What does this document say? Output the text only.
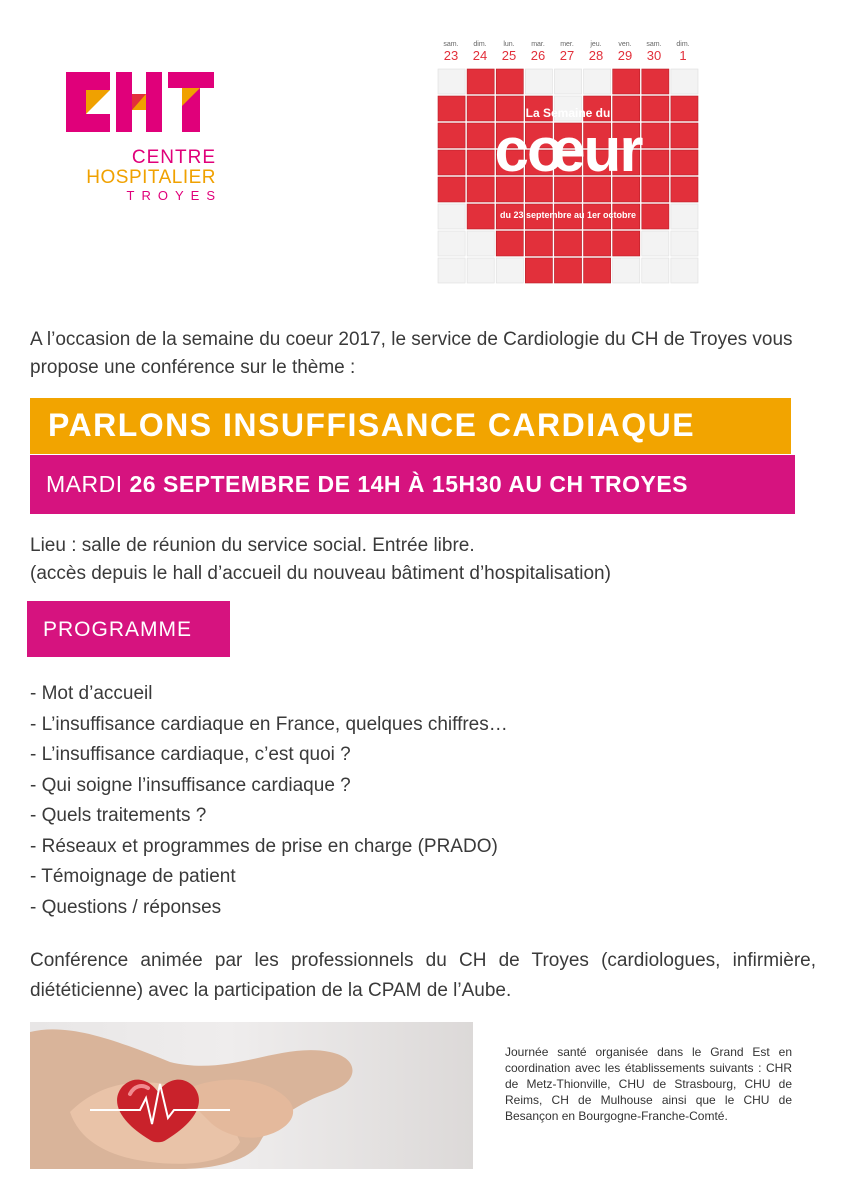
CENTRE
HOSPITALIER
TROYES
sam.
23
dim.
24
lun.
25
mar.
26
mer.
27
jeu.
28
ven.
29
sam.
30
dim.
1
La Semaine du
cœur
du 23 septembre au 1er octobre
A l’occasion de la semaine du coeur 2017, le service de Cardiologie du CH de Troyes vous propose une conférence sur le thème :
PARLONS INSUFFISANCE CARDIAQUE
MARDI 26 SEPTEMBRE DE 14H À 15H30 AU CH TROYES
Lieu : salle de réunion du service social. Entrée libre.
(accès depuis le hall d’accueil du nouveau bâtiment d’hospitalisation)
PROGRAMME
- Mot d’accueil
- L’insuffisance cardiaque en France, quelques chiffres…
- L’insuffisance cardiaque, c’est quoi ?
- Qui soigne l’insuffisance cardiaque ?
- Quels traitements ?
- Réseaux et programmes de prise en charge (PRADO)
- Témoignage de patient
- Questions / réponses
Conférence animée par les professionnels du CH de Troyes (cardiologues, infirmière, diététicienne) avec la participation de la CPAM de l’Aube.
Journée santé organisée dans le Grand Est en coordination avec les établissements suivants : CHR de Metz-Thionville, CHU de Strasbourg, CHU de Reims, CH de Mulhouse ainsi que le CHU de Besançon en Bourgogne-Franche-Comté.
